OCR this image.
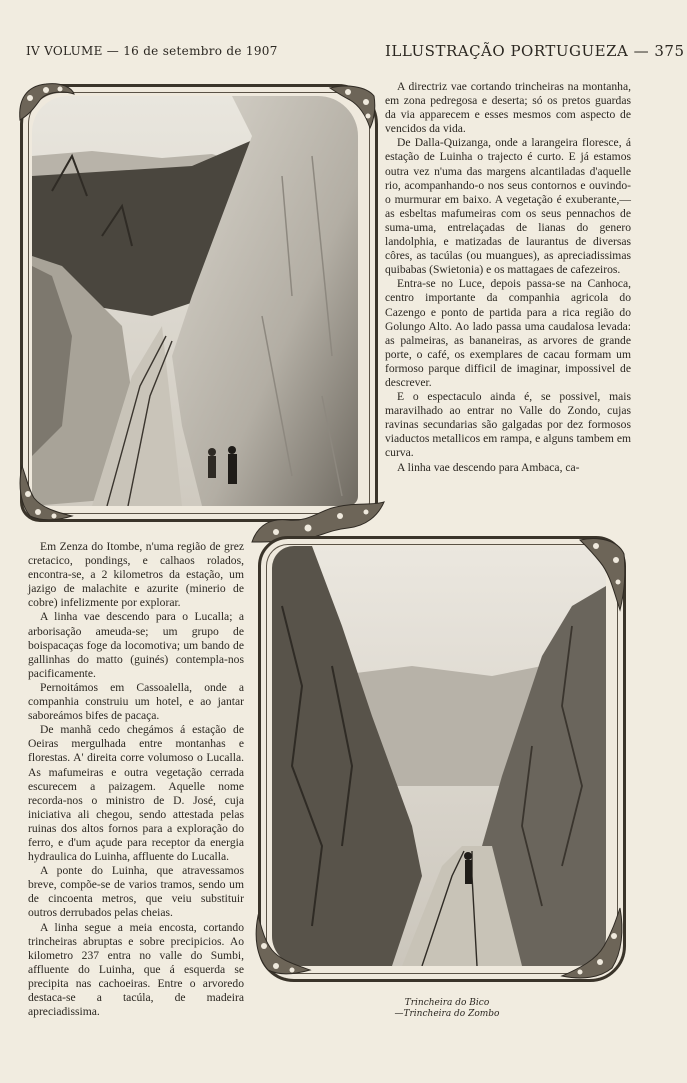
IV VOLUME — 16 de setembro de 1907	ILLUSTRAÇÃO PORTUGUEZA — 375

A directriz vae cortando trincheiras na montanha, em zona pedregosa e deserta; só os pretos guardas da via apparecem e esses mesmos com aspecto de vencidos da vida.

De Dalla-Quizanga, onde a larangeira floresce, á estação de Luinha o trajecto é curto. E já estamos outra vez n'uma das margens alcantiladas d'aquelle rio, acompanhando-o nos seus contornos e ouvindo-o murmurar em baixo. A vegetação é exuberante,—as esbeltas mafumeiras com os seus pennachos de suma-uma, entrelaçadas de lianas do genero landolphia, e matizadas de laurantus de diversas côres, as tacúlas (ou muangues), as apreciadissimas quibabas (Swietonia) e os mattagaes de cafezeiros.

Entra-se no Luce, depois passa-se na Canhoca, centro importante da companhia agricola do Cazengo e ponto de partida para a rica região do Golungo Alto. Ao lado passa uma caudalosa levada: as palmeiras, as bananeiras, as arvores de grande porte, o café, os exemplares de cacau formam um formoso parque difficil de imaginar, impossivel de descrever.

E o espectaculo ainda é, se possivel, mais maravilhado ao entrar no Valle do Zondo, cujas ravinas secundarias são galgadas por dez formosos viaductos metallicos em rampa, e alguns tambem em curva.

A linha vae descendo para Ambaca, ca-

Em Zenza do Itombe, n'uma região de grez cretacico, pondings, e calhaos rolados, encontra-se, a 2 kilometros da estação, um jazigo de malachite e azurite (minerio de cobre) infelizmente por explorar.

A linha vae descendo para o Lucalla; a arborisação ameuda-se; um grupo de boispacaças foge da locomotiva; um bando de gallinhas do matto (guinés) contempla-nos pacificamente.

Pernoitámos em Cassoalella, onde a companhia construiu um hotel, e ao jantar saboreámos bifes de pacaça.

De manhã cedo chegámos á estação de Oeiras mergulhada entre montanhas e florestas. A' direita corre volumoso o Lucalla. As mafumeiras e outra vegetação cerrada escurecem a paizagem. Aquelle nome recorda-nos o ministro de D. José, cuja iniciativa ali chegou, sendo attestada pelas ruinas dos altos fornos para a exploração do ferro, e d'um açude para receptor da energia hydraulica do Luinha, affluente do Lucalla.

A ponte do Luinha, que atravessamos breve, compõe-se de varios tramos, sendo um de cincoenta metros, que veiu substituir outros derrubados pelas cheias.

A linha segue a meia encosta, cortando trincheiras abruptas e sobre precipicios. Ao kilometro 237 entra no valle do Sumbi, affluente do Luinha, que á esquerda se precipita nas cachoeiras. Entre o arvoredo destaca-se a tacúla, de madeira apreciadissima.

Trincheira do Bico
—Trincheira do Zombo
